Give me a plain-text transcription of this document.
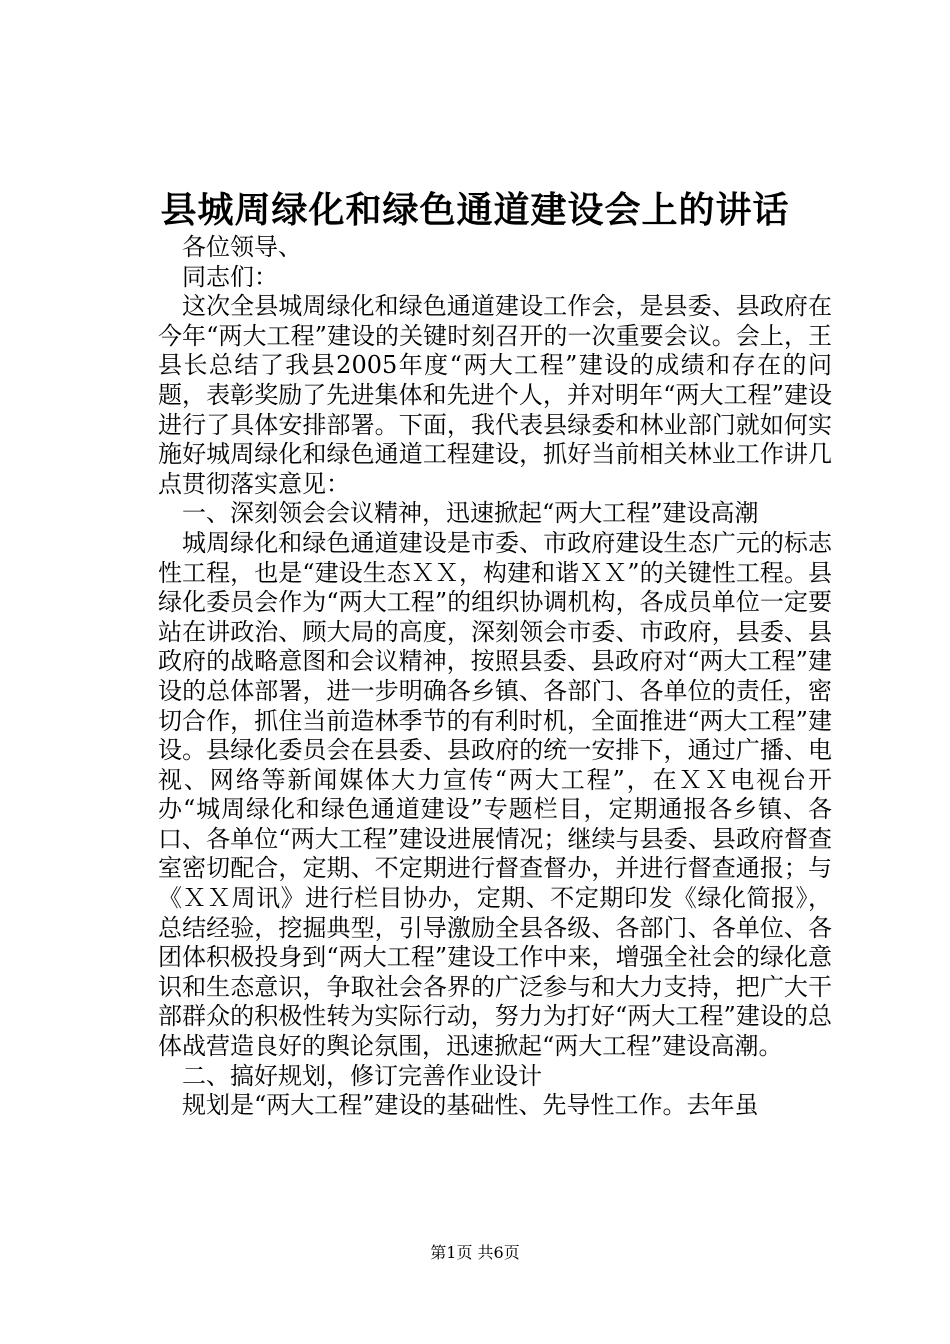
县城周绿化和绿色通道建设会上的讲话

各位领导、

同志们：

这次全县城周绿化和绿色通道建设工作会，是县委、县政府在今年“两大工程”建设的关键时刻召开的一次重要会议。会上，王县长总结了我县2005年度“两大工程”建设的成绩和存在的问题，表彰奖励了先进集体和先进个人，并对明年“两大工程”建设进行了具体安排部署。下面，我代表县绿委和林业部门就如何实施好城周绿化和绿色通道工程建设，抓好当前相关林业工作讲几点贯彻落实意见：

一、深刻领会会议精神，迅速掀起“两大工程”建设高潮

城周绿化和绿色通道建设是市委、市政府建设生态广元的标志性工程，也是“建设生态ＸＸ，构建和谐ＸＸ”的关键性工程。县绿化委员会作为“两大工程”的组织协调机构，各成员单位一定要站在讲政治、顾大局的高度，深刻领会市委、市政府，县委、县政府的战略意图和会议精神，按照县委、县政府对“两大工程”建设的总体部署，进一步明确各乡镇、各部门、各单位的责任，密切合作，抓住当前造林季节的有利时机，全面推进“两大工程”建设。县绿化委员会在县委、县政府的统一安排下，通过广播、电视、网络等新闻媒体大力宣传“两大工程”，在ＸＸ电视台开办“城周绿化和绿色通道建设”专题栏目，定期通报各乡镇、各口、各单位“两大工程”建设进展情况；继续与县委、县政府督查室密切配合，定期、不定期进行督查督办，并进行督查通报；与《ＸＸ周讯》进行栏目协办，定期、不定期印发《绿化简报》，总结经验，挖掘典型，引导激励全县各级、各部门、各单位、各团体积极投身到“两大工程”建设工作中来，增强全社会的绿化意识和生态意识，争取社会各界的广泛参与和大力支持，把广大干部群众的积极性转为实际行动，努力为打好“两大工程”建设的总体战营造良好的舆论氛围，迅速掀起“两大工程”建设高潮。

二、搞好规划，修订完善作业设计

规划是“两大工程”建设的基础性、先导性工作。去年虽

第1页 共6页
